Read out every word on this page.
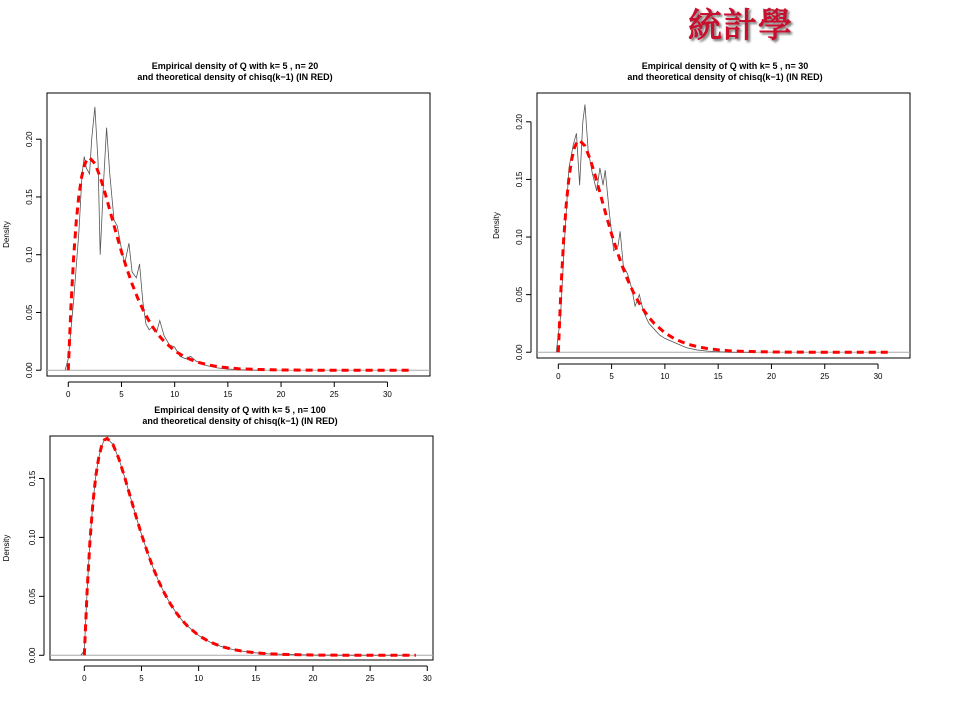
統計學
Empirical density of Q with k= 5 , n= 20
and theoretical density of chisq(k−1) (IN RED)
0	5	10	15	20	25	30
0.00
0.05
0.10
0.15
0.20
Density
Empirical density of Q with k= 5 , n= 30
and theoretical density of chisq(k−1) (IN RED)
0	5	10	15	20	25	30
0.00
0.05
0.10
0.15
0.20
Density
Empirical density of Q with k= 5 , n= 100
and theoretical density of chisq(k−1) (IN RED)
0	5	10	15	20	25	30
0.00
0.05
0.10
0.15
Density
